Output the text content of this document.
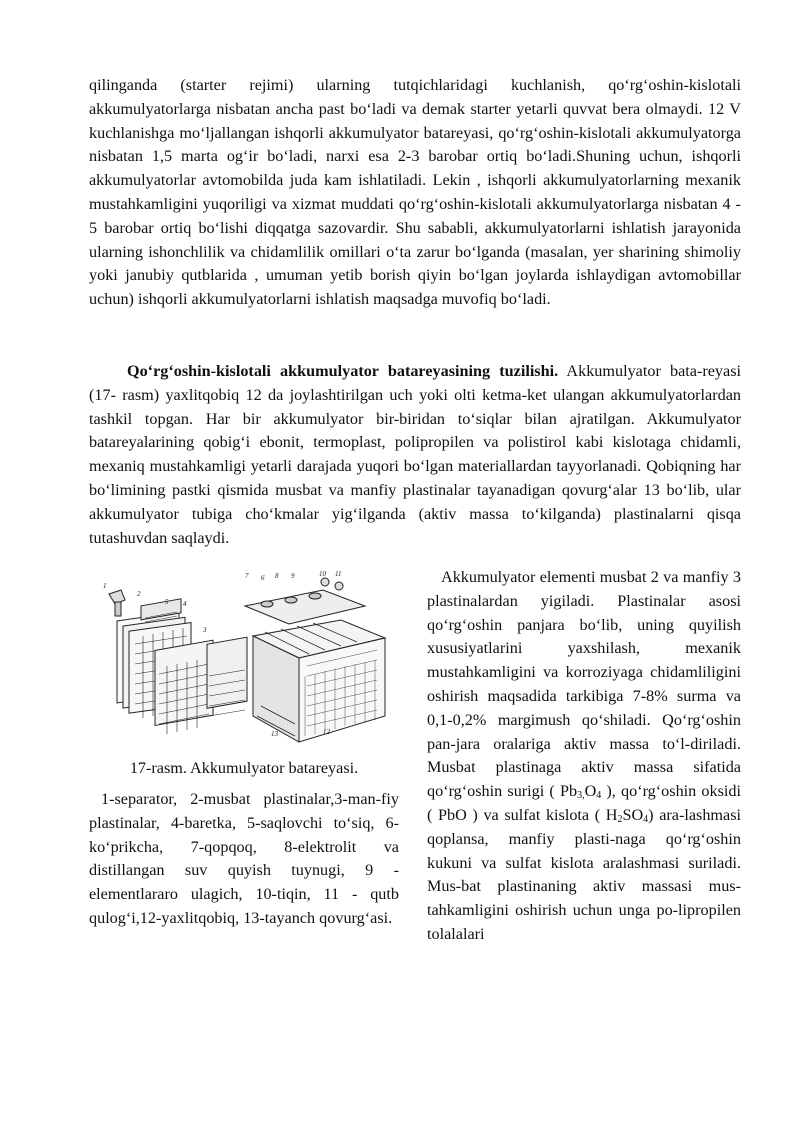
qilinganda (starter rejimi) ularning tutqichlaridagi kuchlanish, qo‘rg‘oshin-kislotali akkumulyatorlarga nisbatan ancha past bo‘ladi va demak starter yetarli quvvat bera olmaydi. 12 V kuchlanishga mo‘ljallangan ishqorli akkumulyator batareyasi, qo‘rg‘oshin-kislotali akkumulyatorga nisbatan 1,5 marta og‘ir bo‘ladi, narxi esa 2-3 barobar ortiq bo‘ladi.Shuning uchun, ishqorli akkumulyatorlar avtomobilda juda kam ishlatiladi. Lekin , ishqorli akkumulyatorlarning mexanik mustahkamligini yuqoriligi va xizmat muddati qo‘rg‘oshin-kislotali akkumulyatorlarga nisbatan 4 - 5 barobar ortiq bo‘lishi diqqatga sazovardir. Shu sababli, akkumulyatorlarni ishlatish jarayonida ularning ishonchlilik va chidamlilik omillari o‘ta zarur bo‘lganda (masalan, yer sharining shimoliy yoki janubiy qutblarida , umuman yetib borish qiyin bo‘lgan joylarda ishlaydigan avtomobillar uchun) ishqorli akkumulyatorlarni ishlatish maqsadga muvofiq bo‘ladi.

Qo‘rg‘oshin-kislotali akkumulyator batareyasining tuzilishi. Akkumulyator bata-reyasi (17- rasm) yaxlitqobiq 12 da joylashtirilgan uch yoki olti ketma-ket ulangan akkumulyatorlardan tashkil topgan. Har bir akkumulyator bir-biridan to‘siqlar bilan ajratilgan. Akkumulyator batareyalarining qobig‘i ebonit, termoplast, polipropilen va polistirol kabi kislotaga chidamli, mexaniq mustahkamligi yetarli darajada yuqori bo‘lgan materiallardan tayyorlanadi. Qobiqning har bo‘limining pastki qismida musbat va manfiy plastinalar tayanadigan qovurg‘alar 13 bo‘lib, ular akkumulyator tubiga cho‘kmalar yig‘ilganda (aktiv massa to‘kilganda) plastinalarni qisqa tutashuvdan saqlaydi.

1
2
3
4
5
6
7	8 9	10 11
12
13

17-rasm. Akkumulyator batareyasi.

1-separator, 2-musbat plastinalar,3-man-fiy plastinalar, 4-baretka, 5-saqlovchi to‘siq, 6-ko‘prikcha, 7-qopqoq, 8-elektrolit va distillangan suv quyish tuynugi, 9 - elementlararo ulagich, 10-tiqin, 11 - qutb qulog‘i,12-yaxlitqobiq, 13-tayanch qovurg‘asi.

Akkumulyator elementi musbat 2 va manfiy 3 plastinalardan yigiladi. Plastinalar asosi qo‘rg‘oshin panjara bo‘lib, uning quyilish xususiyatlarini yaxshilash, mexanik mustahkamligini va korroziyaga chidamliligini oshirish maqsadida tarkibiga 7-8% surma va 0,1-0,2% margimush qo‘shiladi. Qo‘rg‘oshin pan-jara oralariga aktiv massa to‘l-diriladi. Musbat plastinaga aktiv massa sifatida qo‘rg‘oshin surigi ( $Pb_{3,}O_4$ ), qo‘rg‘oshin oksidi ( PbO ) va sulfat kislota ( $H_2SO_4$) ara-lashmasi qoplansa, manfiy plasti-naga qo‘rg‘oshin kukuni va sulfat kislota aralashmasi suriladi. Mus-bat plastinaning aktiv massasi mus-tahkamligini oshirish uchun unga po-lipropilen tolalalari
